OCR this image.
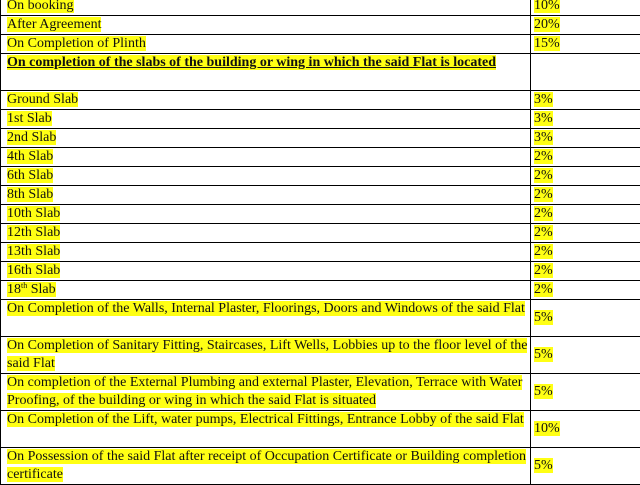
On booking	10%
After Agreement	20%
On Completion of Plinth	15%
On completion of the slabs of the building or wing in which the said Flat is located	
Ground Slab	3%
1st Slab	3%
2nd Slab	3%
4th Slab	2%
6th Slab	2%
8th Slab	2%
10th Slab	2%
12th Slab	2%
13th Slab	2%
16th Slab	2%
18th Slab	2%
On Completion of the Walls, Internal Plaster, Floorings, Doors and Windows of the said Flat	5%
On Completion of Sanitary Fitting, Staircases, Lift Wells, Lobbies up to the floor level of the said Flat	5%
On completion of the External Plumbing and external Plaster, Elevation, Terrace with Water Proofing, of the building or wing in which the said Flat is situated	5%
On Completion of the Lift, water pumps, Electrical Fittings, Entrance Lobby of the said Flat	10%
On Possession of the said Flat after receipt of Occupation Certificate or Building completion certificate	5%
